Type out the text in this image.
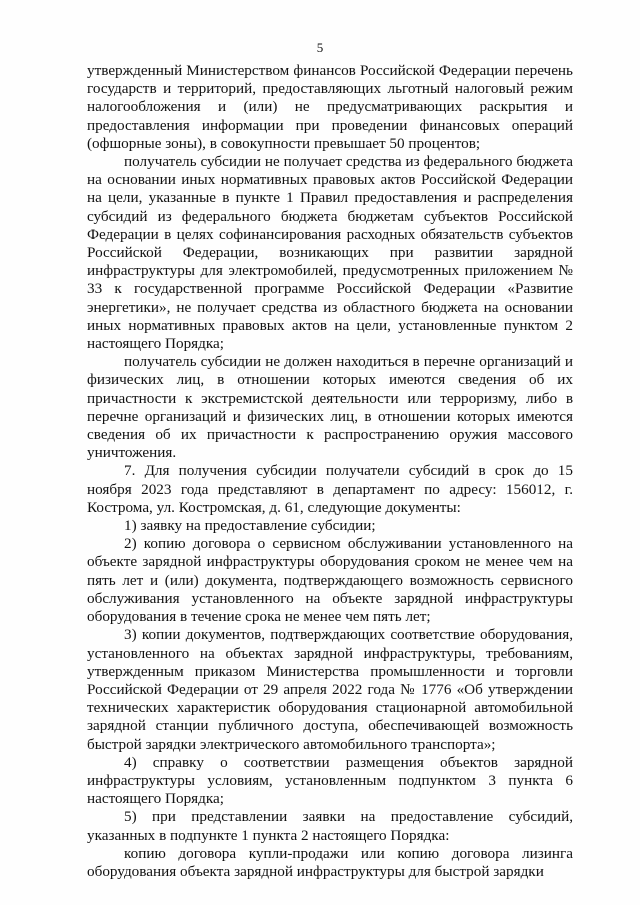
5

утвержденный Министерством финансов Российской Федерации перечень государств и территорий, предоставляющих льготный налоговый режим налогообложения и (или) не предусматривающих раскрытия и предоставления информации при проведении финансовых операций (офшорные зоны), в совокупности превышает 50 процентов;

получатель субсидии не получает средства из федерального бюджета на основании иных нормативных правовых актов Российской Федерации на цели, указанные в пункте 1 Правил предоставления и распределения субсидий из федерального бюджета бюджетам субъектов Российской Федерации в целях софинансирования расходных обязательств субъектов Российской Федерации, возникающих при развитии зарядной инфраструктуры для электромобилей, предусмотренных приложением № 33 к государственной программе Российской Федерации «Развитие энергетики», не получает средства из областного бюджета на основании иных нормативных правовых актов на цели, установленные пунктом 2 настоящего Порядка;

получатель субсидии не должен находиться в перечне организаций и физических лиц, в отношении которых имеются сведения об их причастности к экстремистской деятельности или терроризму, либо в перечне организаций и физических лиц, в отношении которых имеются сведения об их причастности к распространению оружия массового уничтожения.

7. Для получения субсидии получатели субсидий в срок до 15 ноября 2023 года представляют в департамент по адресу: 156012, г. Кострома, ул. Костромская, д. 61, следующие документы:

1) заявку на предоставление субсидии;

2) копию договора о сервисном обслуживании установленного на объекте зарядной инфраструктуры оборудования сроком не менее чем на пять лет и (или) документа, подтверждающего возможность сервисного обслуживания установленного на объекте зарядной инфраструктуры оборудования в течение срока не менее чем пять лет;

3) копии документов, подтверждающих соответствие оборудования, установленного на объектах зарядной инфраструктуры, требованиям, утвержденным приказом Министерства промышленности и торговли Российской Федерации от 29 апреля 2022 года № 1776 «Об утверждении технических характеристик оборудования стационарной автомобильной зарядной станции публичного доступа, обеспечивающей возможность быстрой зарядки электрического автомобильного транспорта»;

4) справку о соответствии размещения объектов зарядной инфраструктуры условиям, установленным подпунктом 3 пункта 6 настоящего Порядка;

5) при представлении заявки на предоставление субсидий, указанных в подпункте 1 пункта 2 настоящего Порядка:

копию договора купли-продажи или копию договора лизинга оборудования объекта зарядной инфраструктуры для быстрой зарядки
